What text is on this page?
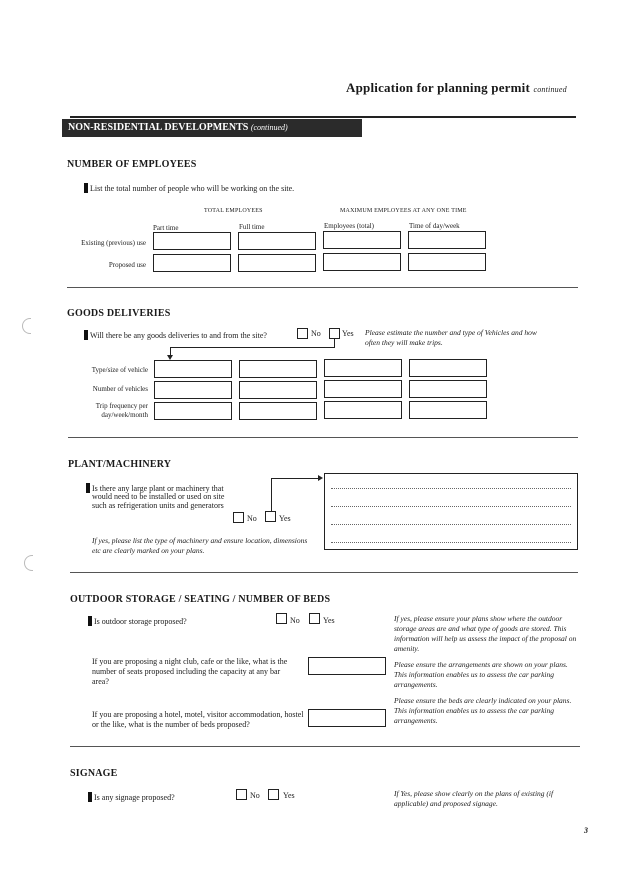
Application for planning permit continued
NON-RESIDENTIAL DEVELOPMENTS (continued)
NUMBER OF EMPLOYEES
List the total number of people who will be working on the site.
TOTAL EMPLOYEES	MAXIMUM EMPLOYEES AT ANY ONE TIME
Part time	Full time	Employees (total)	Time of day/week
Existing (previous) use
Proposed use
GOODS DELIVERIES
Will there be any goods deliveries to and from the site?	No	Yes Please estimate the number and type of Vehicles and how often they will make trips.
Type/size of vehicle
Number of vehicles
Trip frequency per
day/week/month
PLANT/MACHINERY
Is there any large plant or machinery that
would need to be installed or used on site
such as refrigeration units and generators
No	Yes
If yes, please list the type of machinery and ensure location, dimensions etc are clearly marked on your plans.
OUTDOOR STORAGE / SEATING / NUMBER OF BEDS
Is outdoor storage proposed?	No	Yes	If yes, please ensure your plans show where the outdoor storage areas are and what type of goods are stored. This information will help us assess the impact of the proposal on amenity.
If you are proposing a night club, cafe or the like, what is the number of seats proposed including the capacity at any bar area?
Please ensure the arrangements are shown on your plans. This information enables us to assess the car parking arrangements.
Please ensure the beds are clearly indicated on your plans. This information enables us to assess the car parking arrangements.
If you are proposing a hotel, motel, visitor accommodation, hostel or the like, what is the number of beds proposed?
SIGNAGE
Is any signage proposed?	No	Yes	If Yes, please show clearly on the plans of existing (if applicable) and proposed signage.
3
